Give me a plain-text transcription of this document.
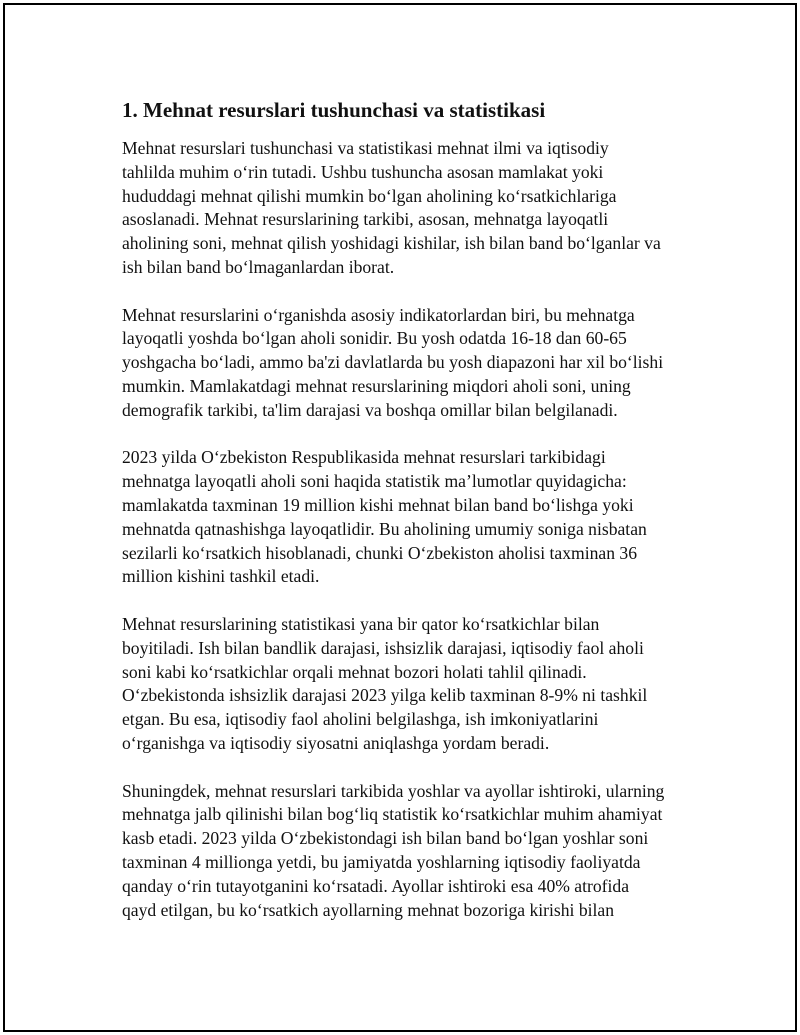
1. Mehnat resurslari tushunchasi va statistikasi

Mehnat resurslari tushunchasi va statistikasi mehnat ilmi va iqtisodiy
tahlilda muhim oʻrin tutadi. Ushbu tushuncha asosan mamlakat yoki
hududdagi mehnat qilishi mumkin boʻlgan aholining koʻrsatkichlariga
asoslanadi. Mehnat resurslarining tarkibi, asosan, mehnatga layoqatli
aholining soni, mehnat qilish yoshidagi kishilar, ish bilan band boʻlganlar va
ish bilan band boʻlmaganlardan iborat.

Mehnat resurslarini oʻrganishda asosiy indikatorlardan biri, bu mehnatga
layoqatli yoshda boʻlgan aholi sonidir. Bu yosh odatda 16-18 dan 60-65
yoshgacha boʻladi, ammo ba'zi davlatlarda bu yosh diapazoni har xil boʻlishi
mumkin. Mamlakatdagi mehnat resurslarining miqdori aholi soni, uning
demografik tarkibi, ta'lim darajasi va boshqa omillar bilan belgilanadi.

2023 yilda Oʻzbekiston Respublikasida mehnat resurslari tarkibidagi
mehnatga layoqatli aholi soni haqida statistik maʼlumotlar quyidagicha:
mamlakatda taxminan 19 million kishi mehnat bilan band boʻlishga yoki
mehnatda qatnashishga layoqatlidir. Bu aholining umumiy soniga nisbatan
sezilarli koʻrsatkich hisoblanadi, chunki Oʻzbekiston aholisi taxminan 36
million kishini tashkil etadi.

Mehnat resurslarining statistikasi yana bir qator koʻrsatkichlar bilan
boyitiladi. Ish bilan bandlik darajasi, ishsizlik darajasi, iqtisodiy faol aholi
soni kabi koʻrsatkichlar orqali mehnat bozori holati tahlil qilinadi.
Oʻzbekistonda ishsizlik darajasi 2023 yilga kelib taxminan 8-9% ni tashkil
etgan. Bu esa, iqtisodiy faol aholini belgilashga, ish imkoniyatlarini
oʻrganishga va iqtisodiy siyosatni aniqlashga yordam beradi.

Shuningdek, mehnat resurslari tarkibida yoshlar va ayollar ishtiroki, ularning
mehnatga jalb qilinishi bilan bogʻliq statistik koʻrsatkichlar muhim ahamiyat
kasb etadi. 2023 yilda Oʻzbekistondagi ish bilan band boʻlgan yoshlar soni
taxminan 4 millionga yetdi, bu jamiyatda yoshlarning iqtisodiy faoliyatda
qanday oʻrin tutayotganini koʻrsatadi. Ayollar ishtiroki esa 40% atrofida
qayd etilgan, bu koʻrsatkich ayollarning mehnat bozoriga kirishi bilan
